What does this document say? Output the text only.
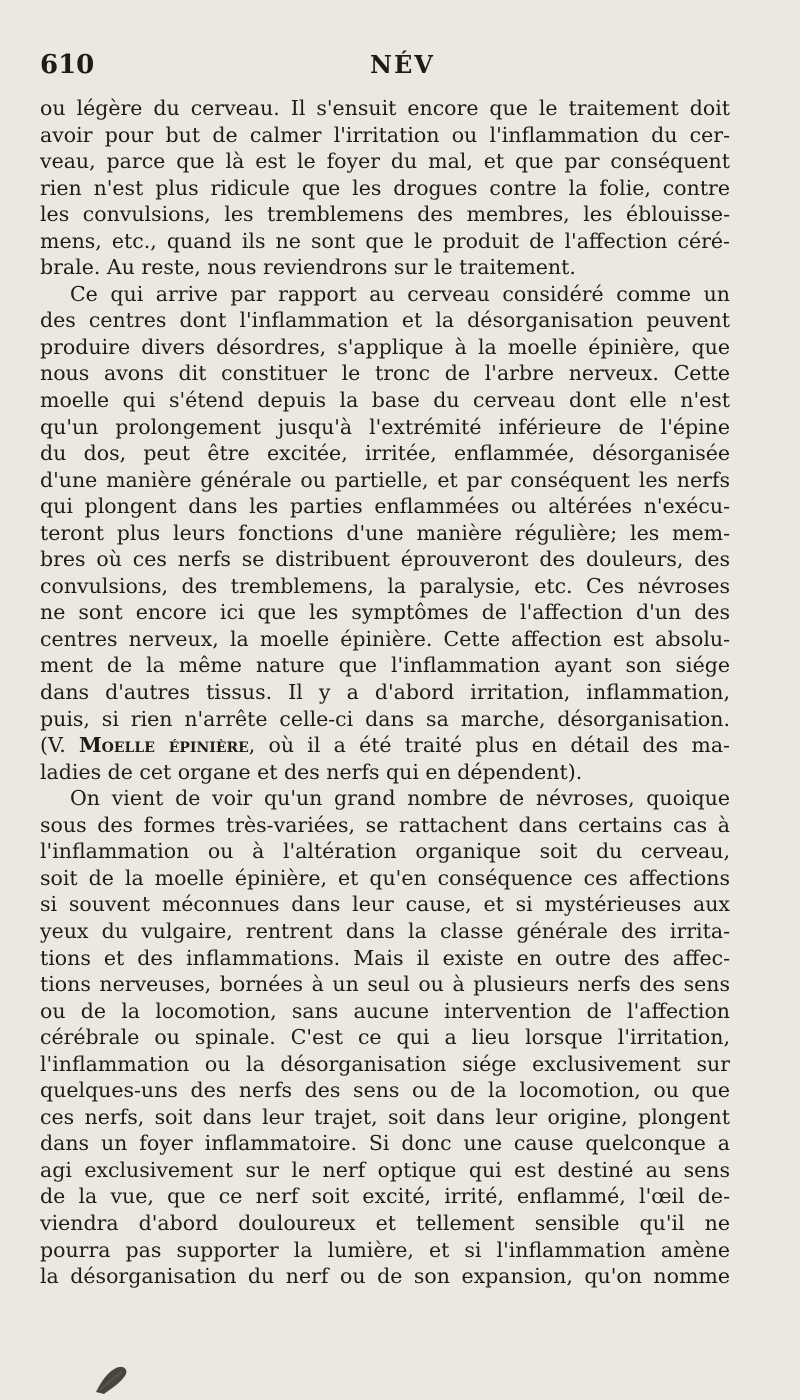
610	NÉV
ou légère du cerveau. Il s'ensuit encore que le traitement doit
avoir pour but de calmer l'irritation ou l'inflammation du cer-
veau, parce que là est le foyer du mal, et que par conséquent
rien n'est plus ridicule que les drogues contre la folie, contre
les convulsions, les tremblemens des membres, les éblouisse-
mens, etc., quand ils ne sont que le produit de l'affection céré-
brale. Au reste, nous reviendrons sur le traitement.
Ce qui arrive par rapport au cerveau considéré comme un
des centres dont l'inflammation et la désorganisation peuvent
produire divers désordres, s'applique à la moelle épinière, que
nous avons dit constituer le tronc de l'arbre nerveux. Cette
moelle qui s'étend depuis la base du cerveau dont elle n'est
qu'un prolongement jusqu'à l'extrémité inférieure de l'épine
du dos, peut être excitée, irritée, enflammée, désorganisée
d'une manière générale ou partielle, et par conséquent les nerfs
qui plongent dans les parties enflammées ou altérées n'exécu-
teront plus leurs fonctions d'une manière régulière; les mem-
bres où ces nerfs se distribuent éprouveront des douleurs, des
convulsions, des tremblemens, la paralysie, etc. Ces névroses
ne sont encore ici que les symptômes de l'affection d'un des
centres nerveux, la moelle épinière. Cette affection est absolu-
ment de la même nature que l'inflammation ayant son siége
dans d'autres tissus. Il y a d'abord irritation, inflammation,
puis, si rien n'arrête celle-ci dans sa marche, désorganisation.
(V. Moelle épinière, où il a été traité plus en détail des ma-
ladies de cet organe et des nerfs qui en dépendent).
On vient de voir qu'un grand nombre de névroses, quoique
sous des formes très-variées, se rattachent dans certains cas à
l'inflammation ou à l'altération organique soit du cerveau,
soit de la moelle épinière, et qu'en conséquence ces affections
si souvent méconnues dans leur cause, et si mystérieuses aux
yeux du vulgaire, rentrent dans la classe générale des irrita-
tions et des inflammations. Mais il existe en outre des affec-
tions nerveuses, bornées à un seul ou à plusieurs nerfs des sens
ou de la locomotion, sans aucune intervention de l'affection
cérébrale ou spinale. C'est ce qui a lieu lorsque l'irritation,
l'inflammation ou la désorganisation siége exclusivement sur
quelques-uns des nerfs des sens ou de la locomotion, ou que
ces nerfs, soit dans leur trajet, soit dans leur origine, plongent
dans un foyer inflammatoire. Si donc une cause quelconque a
agi exclusivement sur le nerf optique qui est destiné au sens
de la vue, que ce nerf soit excité, irrité, enflammé, l'œil de-
viendra d'abord douloureux et tellement sensible qu'il ne
pourra pas supporter la lumière, et si l'inflammation amène
la désorganisation du nerf ou de son expansion, qu'on nomme
